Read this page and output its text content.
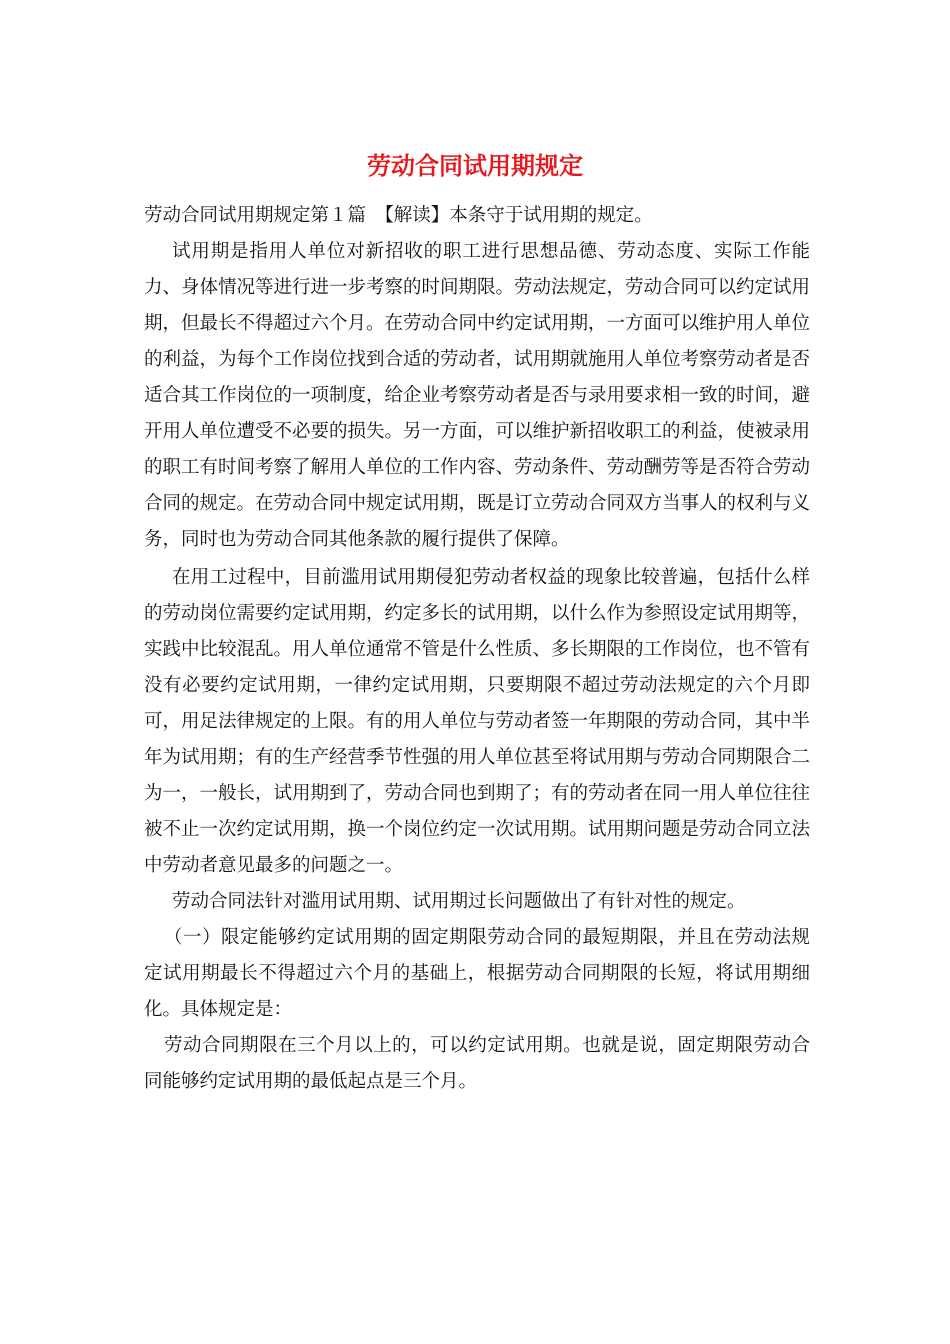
劳动合同试用期规定

劳动合同试用期规定第１篇　【解读】本条守于试用期的规定。

试用期是指用人单位对新招收的职工进行思想品德、劳动态度、实际工作能力、身体情况等进行进一步考察的时间期限。劳动法规定，劳动合同可以约定试用期，但最长不得超过六个月。在劳动合同中约定试用期，一方面可以维护用人单位的利益，为每个工作岗位找到合适的劳动者，试用期就施用人单位考察劳动者是否适合其工作岗位的一项制度，给企业考察劳动者是否与录用要求相一致的时间，避开用人单位遭受不必要的损失。另一方面，可以维护新招收职工的利益，使被录用的职工有时间考察了解用人单位的工作内容、劳动条件、劳动酬劳等是否符合劳动合同的规定。在劳动合同中规定试用期，既是订立劳动合同双方当事人的权利与义务，同时也为劳动合同其他条款的履行提供了保障。

在用工过程中，目前滥用试用期侵犯劳动者权益的现象比较普遍，包括什么样的劳动岗位需要约定试用期，约定多长的试用期，以什么作为参照设定试用期等，实践中比较混乱。用人单位通常不管是什么性质、多长期限的工作岗位，也不管有没有必要约定试用期，一律约定试用期，只要期限不超过劳动法规定的六个月即可，用足法律规定的上限。有的用人单位与劳动者签一年期限的劳动合同，其中半年为试用期；有的生产经营季节性强的用人单位甚至将试用期与劳动合同期限合二为一，一般长，试用期到了，劳动合同也到期了；有的劳动者在同一用人单位往往被不止一次约定试用期，换一个岗位约定一次试用期。试用期问题是劳动合同立法中劳动者意见最多的问题之一。

劳动合同法针对滥用试用期、试用期过长问题做出了有针对性的规定。

（一）限定能够约定试用期的固定期限劳动合同的最短期限，并且在劳动法规定试用期最长不得超过六个月的基础上，根据劳动合同期限的长短，将试用期细化。具体规定是：

劳动合同期限在三个月以上的，可以约定试用期。也就是说，固定期限劳动合同能够约定试用期的最低起点是三个月。
